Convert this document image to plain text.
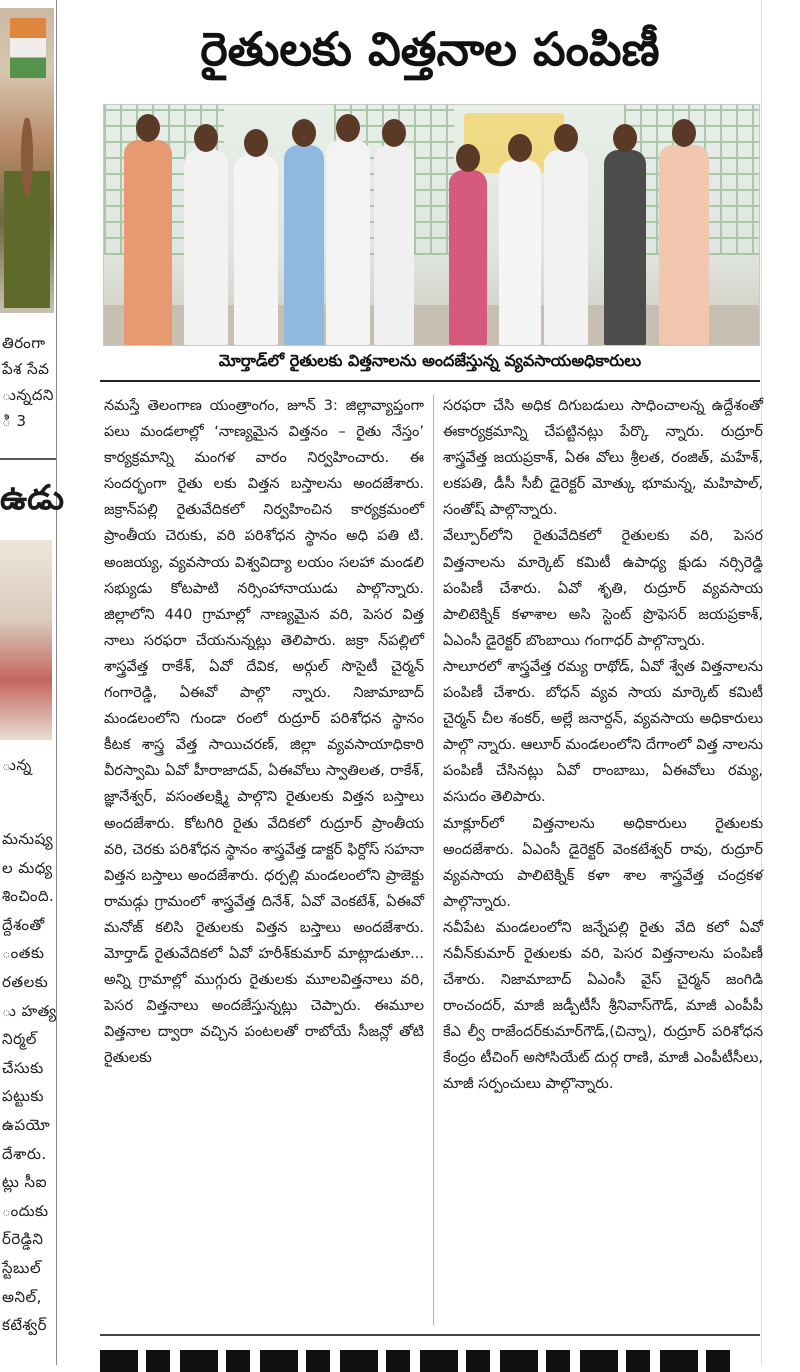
తిరంగా
పేశ సేవ
ున్నదని
ి 3
ఉడు
ున్న
మనుష్య
ల మధ్య
శించింది.
ద్దేశంతో
ంతకు
రతలకు
ు హత్య
నిర్మల్
చేసుకు
పట్టుకు
ఉపయో
దేశారు.
ట్లు సీఐ
ందుకు
ర్‌రెడ్డిని
స్టేబుల్
అనిల్,
కటేశ్వర్
రైతులకు విత్తనాల పంపిణీ
మోర్తాడ్‌లో రైతులకు విత్తనాలను అందజేస్తున్న వ్యవసాయఅధికారులు

నమస్తే తెలంగాణ యంత్రాంగం, జూన్ 3: జిల్లావ్యాప్తంగా పలు మండలాల్లో ‘నాణ్యమైన విత్తనం – రైతు నేస్తం’ కార్యక్రమాన్ని మంగళ వారం నిర్వహించారు. ఈ సందర్భంగా రైతు లకు విత్తన బస్తాలను అందజేశారు. జక్రాన్‌పల్లి రైతువేదికలో నిర్వహించిన కార్యక్రమంలో ప్రాంతీయ చెరుకు, వరి పరిశోధన స్థానం అధి పతి టి. అంజయ్య, వ్యవసాయ విశ్వవిద్యా లయం సలహా మండలి సభ్యుడు కోటపాటి నర్సింహానాయుడు పాల్గొన్నారు. జిల్లాలోని 440 గ్రామాల్లో నాణ్యమైన వరి, పెసర విత్త నాలు సరఫరా చేయనున్నట్లు తెలిపారు. జక్రా న్‌పల్లిలో శాస్త్రవేత్త రాకేశ్, ఏవో దేవిక, అర్గుల్ సొసైటీ చైర్మన్ గంగారెడ్డి, ఏఈవో పాల్గొ న్నారు. నిజామాబాద్ మండలంలోని గుండా రంలో రుద్రూర్ పరిశోధన స్థానం కీటక శాస్త్ర వేత్త సాయిచరణ్, జిల్లా వ్యవసాయాధికారి వీరస్వామి ఏవో హీరాజాదవ్, ఏఈవోలు స్వాతిలత, రాకేశ్, జ్ఞానేశ్వర్, వసంతలక్ష్మి పాల్గొని రైతులకు విత్తన బస్తాలు అందజేశారు. కోటగిరి రైతు వేదికలో రుద్రూర్ ప్రాంతీయ వరి, చెరకు పరిశోధన స్థానం శాస్త్రవేత్త డాక్టర్ ఫిర్దోస్ సహనా విత్తన బస్తాలు అందజేశారు. ధర్పల్లి మండలంలోని ప్రాజెక్టు రామడ్గు గ్రామంలో శాస్త్రవేత్త దినేశ్, ఏవో వెంకటేశ్, ఏఈవో మనోజ్ కలిసి రైతులకు విత్తన బస్తాలు అందజేశారు. మోర్తాడ్ రైతువేదికలో ఏవో హరీశ్‌కుమార్ మాట్లాడుతూ... అన్ని గ్రామాల్లో ముగ్గురు రైతులకు మూలవిత్తనాలు వరి, పెసర విత్తనాలు అందజేస్తున్నట్లు చెప్పారు. ఈమూల విత్తనాల ద్వారా వచ్చిన పంటలతో రాబోయే సీజన్లో తోటి రైతులకు

సరఫరా చేసి అధిక దిగుబడులు సాధించాలన్న ఉద్దేశంతో ఈకార్యక్రమాన్ని చేపట్టినట్లు పేర్కొ న్నారు. రుద్రూర్ శాస్త్రవేత్త జయప్రకాశ్, ఏఈ వోలు శ్రీలత, రంజిత్, మహేశ్, లకపతి, డీసీ సీబీ డైరెక్టర్ మోత్కు భూమన్న, మహిపాల్, సంతోష్ పాల్గొన్నారు.

వేల్పూర్‌లోని రైతువేదికలో రైతులకు వరి, పెసర విత్తనాలను మార్కెట్ కమిటీ ఉపాధ్య క్షుడు నర్సిరెడ్డి పంపిణీ చేశారు. ఏవో శృతి, రుద్రూర్ వ్యవసాయ పాలిటెక్నిక్ కళాశాల అసి స్టెంట్ ప్రొఫెసర్ జయప్రకాశ్, ఏఎంసీ డైరెక్టర్ బొంబాయి గంగాధర్ పాల్గొన్నారు.

సాలూరలో శాస్త్రవేత్త రమ్య రాథోడ్, ఏవో శ్వేత విత్తనాలను పంపిణీ చేశారు. బోధన్ వ్యవ సాయ మార్కెట్ కమిటీ చైర్మన్ చీల శంకర్, అల్లే జనార్దన్, వ్యవసాయ అధికారులు పాల్గొ న్నారు. ఆలూర్ మండలంలోని దేగాంలో విత్త నాలను పంపిణీ చేసినట్లు ఏవో రాంబాబు, ఏఈవోలు రమ్య, వసుదం తెలిపారు.

మాక్లూర్‌లో విత్తనాలను అధికారులు రైతులకు అందజేశారు. ఏఎంసీ డైరెక్టర్ వెంకటేశ్వర్ రావు, రుద్రూర్ వ్యవసాయ పాలిటెక్నిక్ కళా శాల శాస్త్రవేత్త చంద్రకళ పాల్గొన్నారు.

నవీపేట మండలంలోని జన్నేపల్లి రైతు వేది కలో ఏవో నవీన్‌కుమార్ రైతులకు వరి, పెసర విత్తనాలను పంపిణీ చేశారు. నిజామాబాద్ ఏఎంసీ వైస్ చైర్మన్ జంగిడి రాంచందర్, మాజీ జడ్పీటీసీ శ్రీనివాస్‌గౌడ్, మాజీ ఎంపీపీ కేఎ ల్వీ రాజేందర్‌కుమార్‌గౌడ్,(చిన్నా), రుద్రూర్ పరిశోధన కేంద్రం టీచింగ్ అసోసియేట్ దుర్గ రాణి, మాజీ ఎంపీటీసీలు, మాజీ సర్పంచులు పాల్గొన్నారు.
